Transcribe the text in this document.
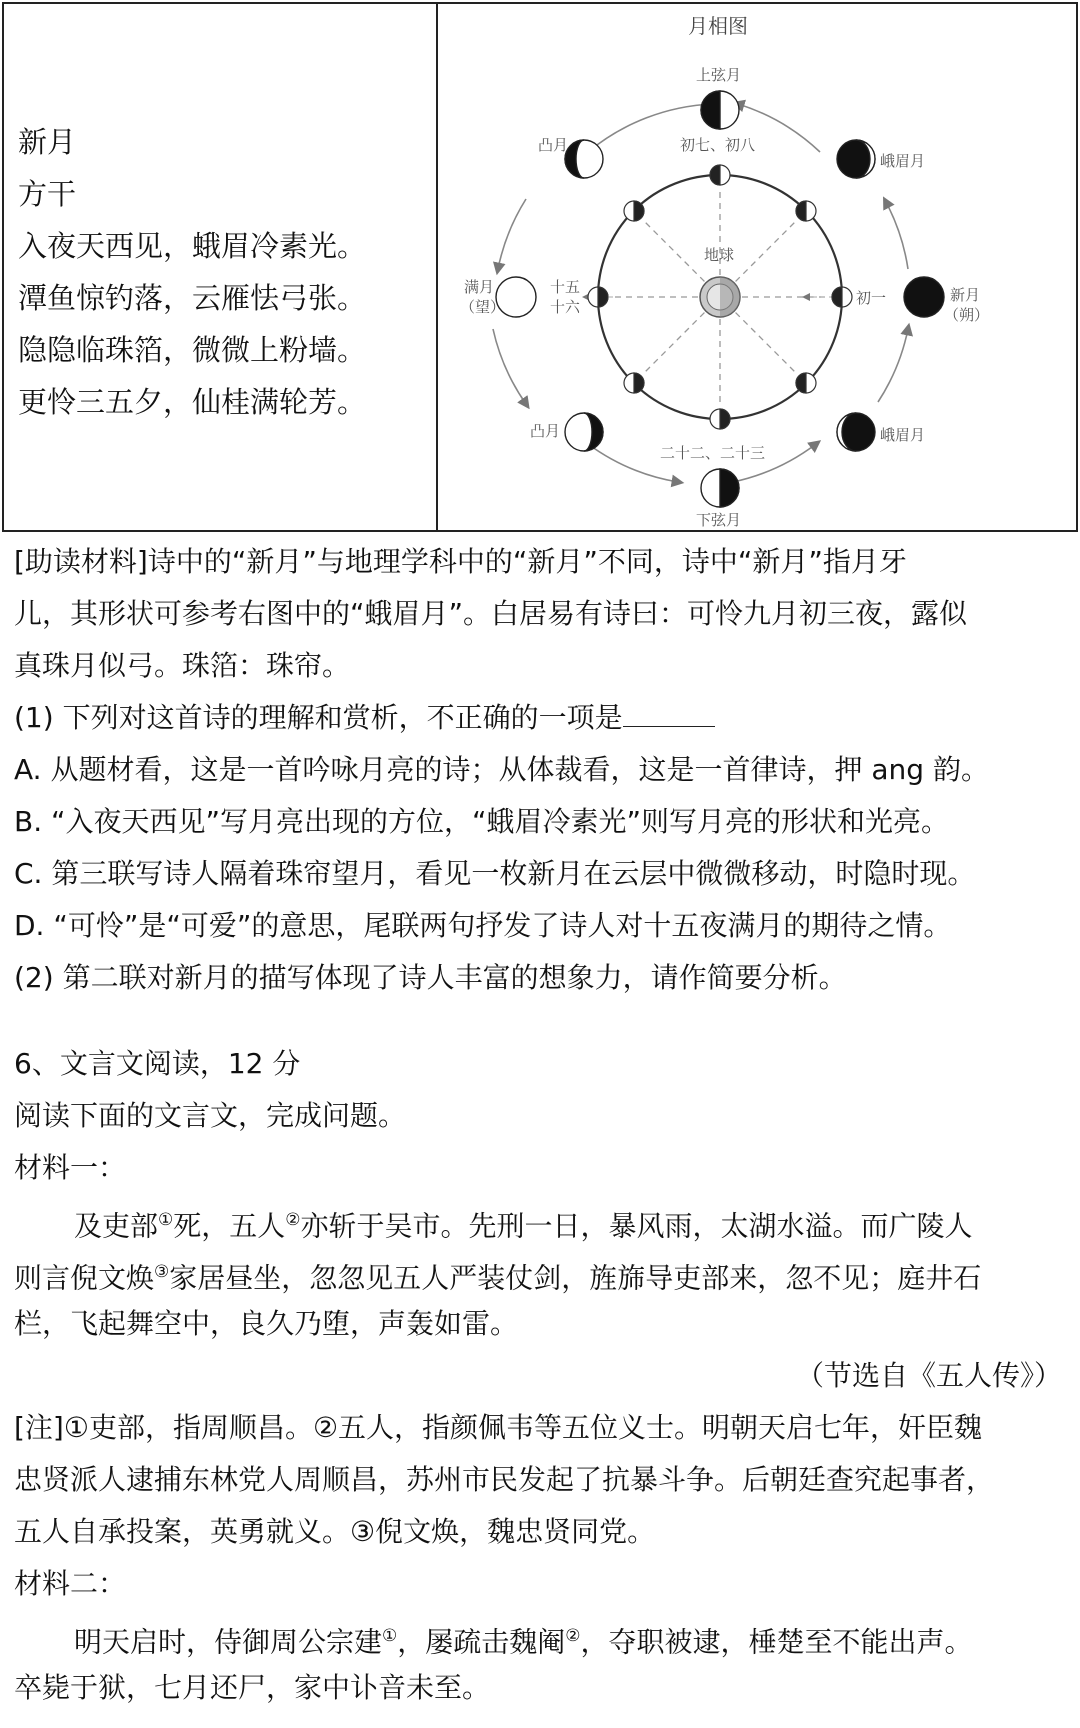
新月
方干
入夜天西见，蛾眉冷素光。
潭鱼惊钓落，云雁怯弓张。
隐隐临珠箔，微微上粉墙。
更怜三五夕，仙桂满轮芳。
月相图
上弦月
初七、初八
凸月
峨眉月
地球
满月
（望）
十五
十六	初一	新月
（朔）
凸月	峨眉月
二十二、二十三
下弦月
[助读材料]诗中的“新月”与地理学科中的“新月”不同，诗中“新月”指月牙
儿，其形状可参考右图中的“蛾眉月”。白居易有诗曰：可怜九月初三夜，露似
真珠月似弓。珠箔：珠帘。
(1) 下列对这首诗的理解和赏析，不正确的一项是
A. 从题材看，这是一首吟咏月亮的诗；从体裁看，这是一首律诗，押 ang 韵。
B. “入夜天西见”写月亮出现的方位，“蛾眉冷素光”则写月亮的形状和光亮。
C. 第三联写诗人隔着珠帘望月，看见一枚新月在云层中微微移动，时隐时现。
D. “可怜”是“可爱”的意思，尾联两句抒发了诗人对十五夜满月的期待之情。
(2) 第二联对新月的描写体现了诗人丰富的想象力，请作简要分析。
6、文言文阅读，12 分
阅读下面的文言文，完成问题。
材料一：
及吏部①死，五人②亦斩于吴市。先刑一日，暴风雨，太湖水溢。而广陵人
则言倪文焕③家居昼坐，忽忽见五人严装仗剑，旌旆导吏部来，忽不见；庭井石
栏，飞起舞空中，良久乃堕，声轰如雷。
（节选自《五人传》）
[注]①吏部，指周顺昌。②五人，指颜佩韦等五位义士。明朝天启七年，奸臣魏
忠贤派人逮捕东林党人周顺昌，苏州市民发起了抗暴斗争。后朝廷查究起事者，
五人自承投案，英勇就义。③倪文焕，魏忠贤同党。
材料二：
明天启时，侍御周公宗建①，屡疏击魏阉②，夺职被逮，棰楚至不能出声。
卒毙于狱，七月还尸，家中讣音未至。
